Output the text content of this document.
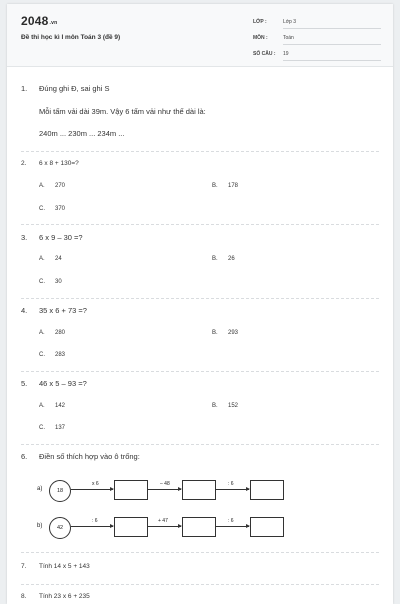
2048.vn
Đề thi học kì I môn Toán 3 (đề 9)
LỚP :	Lớp 3
MÔN :	Toán
SỐ CÂU : 19
1.	Đúng ghi Đ, sai ghi S
Mỗi tấm vải dài 39m. Vậy 6 tấm vải như thế dài là:
240m ... 230m ... 234m ...
2.	6 x 8 + 130=?
A. 270	B. 178
C. 370
3.	6 x 9 – 30 =?
A. 24	B. 26
C. 30
4.	35 x 6 + 73 =?
A. 280	B. 293
C. 283
5.	46 x 5 – 93 =?
A. 142	B. 152
C. 137
6.	Điền số thích hợp vào ô trống:
a)	18
x 6	– 48	: 6
b)	42
: 6	+ 47	: 6
7.	Tính 14 x 5 + 143
8.	Tính 23 x 6 + 235
